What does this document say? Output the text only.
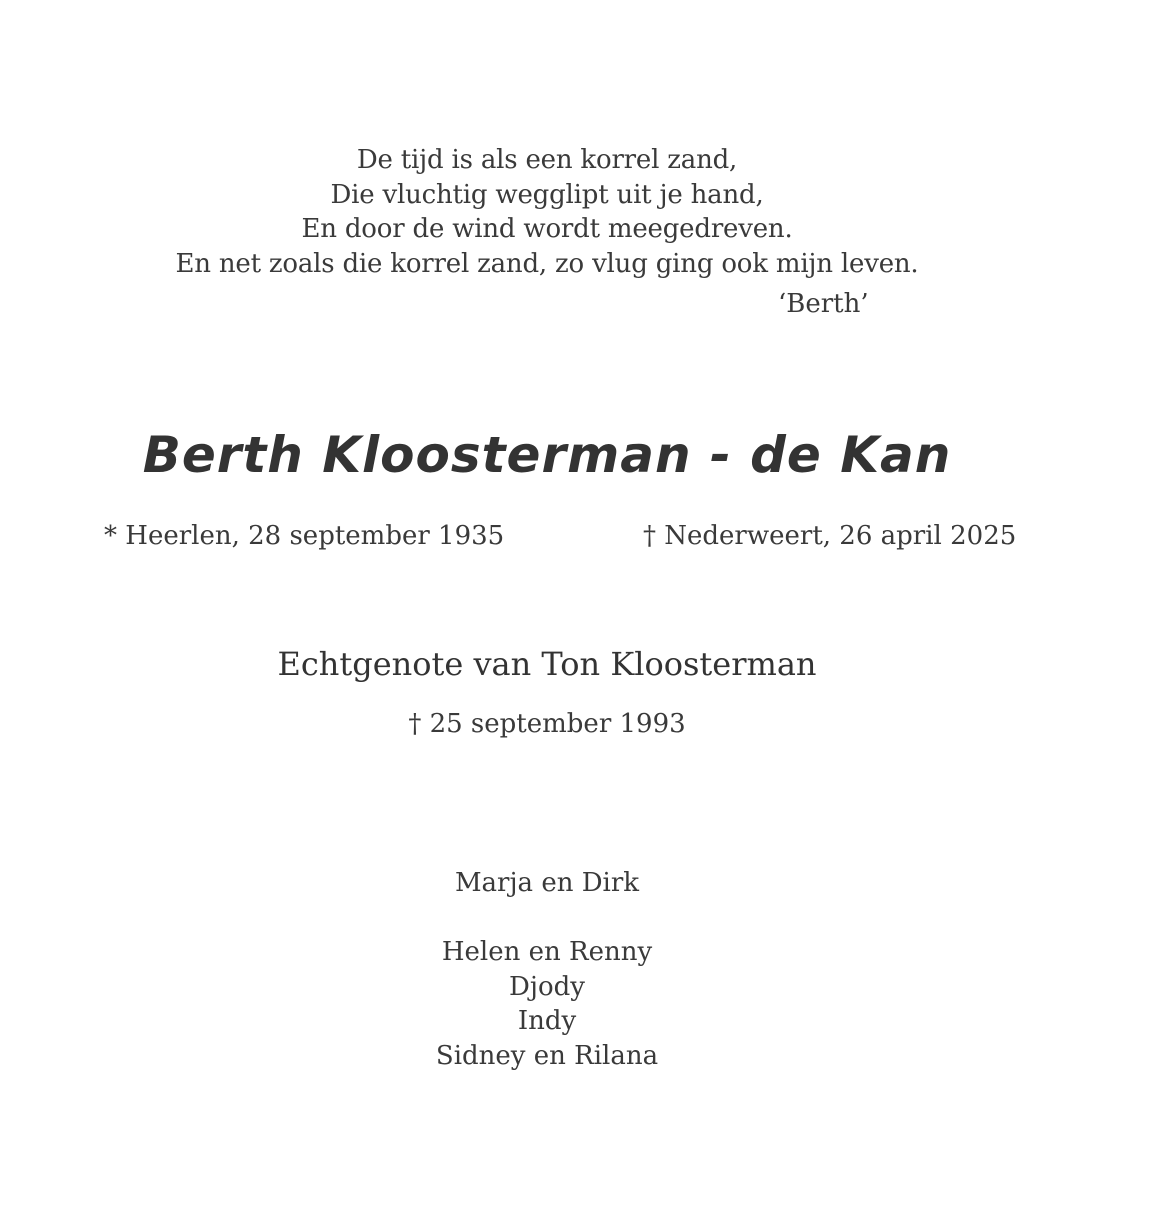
De tijd is als een korrel zand,
Die vluchtig wegglipt uit je hand,
En door de wind wordt meegedreven.
En net zoals die korrel zand, zo vlug ging ook mijn leven.
‘Berth’
Berth Kloosterman - de Kan
* Heerlen, 28 september 1935	† Nederweert, 26 april 2025
Echtgenote van Ton Kloosterman
† 25 september 1993
Marja en Dirk
Helen en Renny
Djody
Indy
Sidney en Rilana
